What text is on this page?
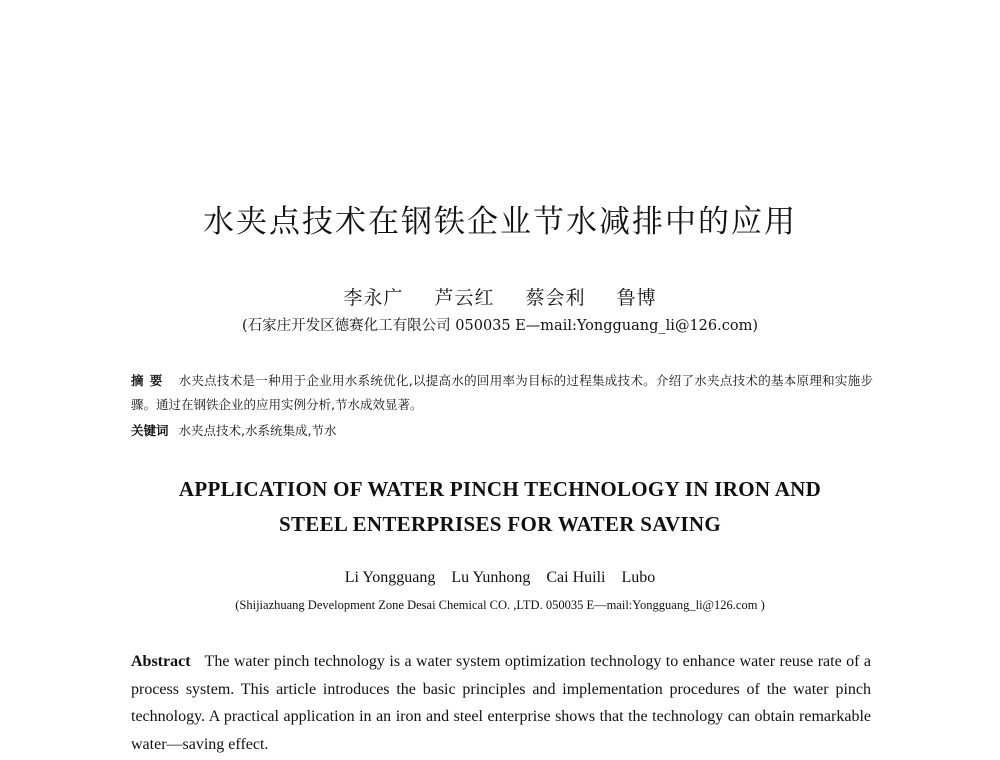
水夹点技术在钢铁企业节水减排中的应用
李永广 芦云红 蔡会利 鲁博
(石家庄开发区德赛化工有限公司 050035 E—mail:Yongguang_li@126.com)
摘要 水夹点技术是一种用于企业用水系统优化,以提高水的回用率为目标的过程集成技术。介绍了水夹点技术的基本原理和实施步骤。通过在钢铁企业的应用实例分析,节水成效显著。
关键词 水夹点技术,水系统集成,节水
APPLICATION OF WATER PINCH TECHNOLOGY IN IRON AND
STEEL ENTERPRISES FOR WATER SAVING
Li Yongguang Lu Yunhong Cai Huili Lubo
(Shijiazhuang Development Zone Desai Chemical CO. ,LTD. 050035 E—mail:Yongguang_li@126.com )
Abstract The water pinch technology is a water system optimization technology to enhance water reuse rate of a process system. This article introduces the basic principles and implementation procedures of the water pinch technology. A practical application in an iron and steel enterprise shows that the technology can obtain remarkable water—saving effect.
